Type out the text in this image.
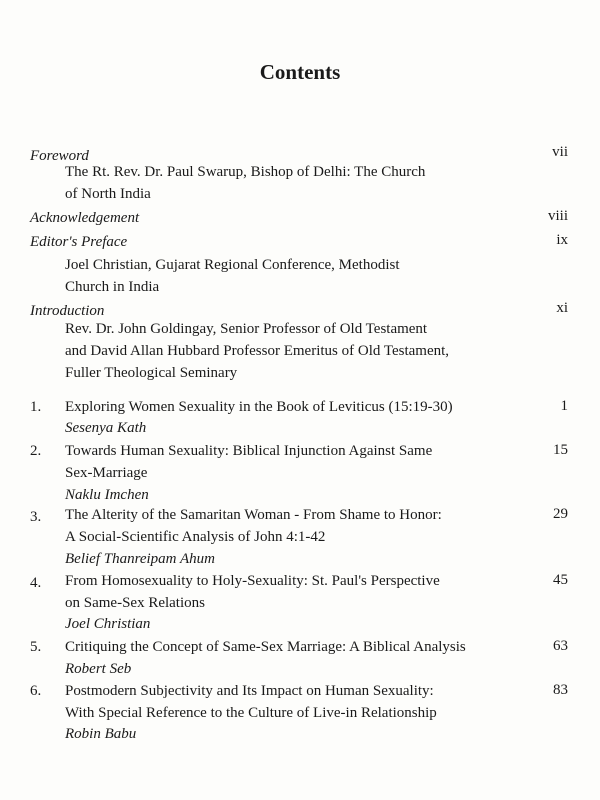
Contents
Foreword	vii
The Rt. Rev. Dr. Paul Swarup, Bishop of Delhi: The Church
of North India
Acknowledgement	viii
Editor's Preface	ix
Joel Christian, Gujarat Regional Conference, Methodist
Church in India
Introduction	xi
Rev. Dr. John Goldingay, Senior Professor of Old Testament
and David Allan Hubbard Professor Emeritus of Old Testament,
Fuller Theological Seminary
1. Exploring Women Sexuality in the Book of Leviticus (15:19-30)	1
Sesenya Kath
2. Towards Human Sexuality: Biblical Injunction Against Same	15
Sex-Marriage
Naklu Imchen
3. The Alterity of the Samaritan Woman - From Shame to Honor:	29
A Social-Scientific Analysis of John 4:1-42
Belief Thanreipam Ahum
4. From Homosexuality to Holy-Sexuality: St. Paul's Perspective	45
on Same-Sex Relations
Joel Christian
5. Critiquing the Concept of Same-Sex Marriage: A Biblical Analysis	63
Robert Seb
6. Postmodern Subjectivity and Its Impact on Human Sexuality:	83
With Special Reference to the Culture of Live-in Relationship
Robin Babu
